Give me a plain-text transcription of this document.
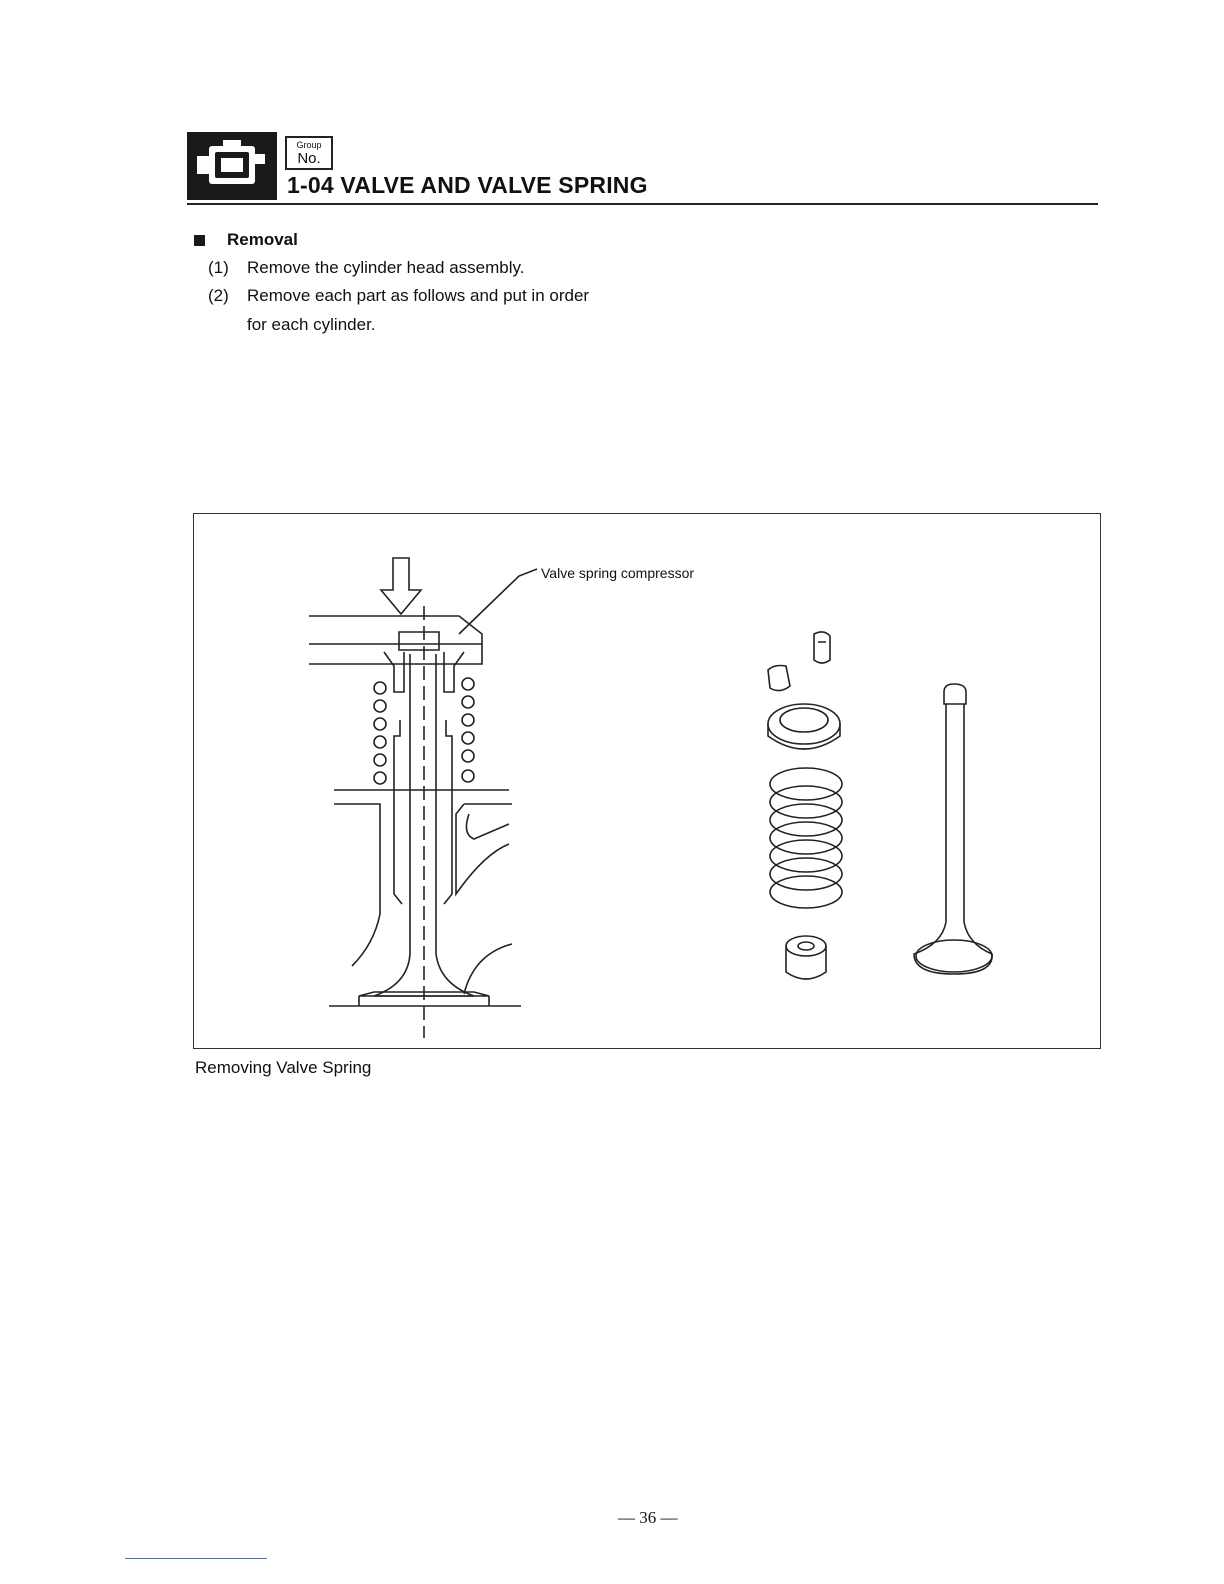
Group
No.
1-04 VALVE AND VALVE SPRING
Removal
(1) Remove the cylinder head assembly.
(2) Remove each part as follows and put in order
for each cylinder.
Valve spring compressor
Removing Valve Spring
— 36 —
